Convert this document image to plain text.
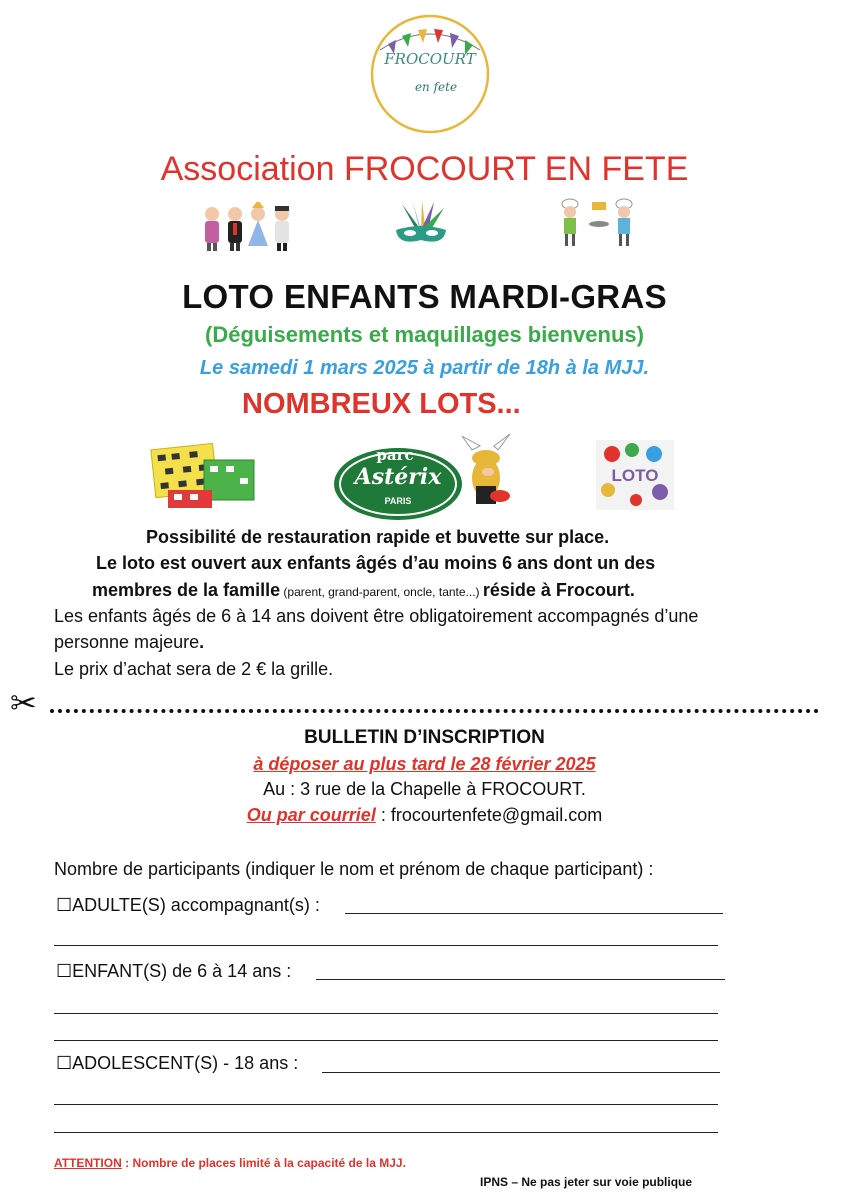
FROCOURT
en fete
Association FROCOURT EN FETE
LOTO ENFANTS MARDI-GRAS
(Déguisements et maquillages bienvenus)
Le samedi 1 mars 2025 à partir de 18h à la MJJ.
NOMBREUX LOTS...
parc
Astérix
PARIS
LOTO
Possibilité de restauration rapide et buvette sur place.
Le loto est ouvert aux enfants âgés d’au moins 6 ans dont un des
membres de la famille (parent, grand-parent, oncle, tante...) réside à Frocourt.
Les enfants âgés de 6 à 14 ans doivent être obligatoirement accompagnés d’une
personne majeure.
Le prix d’achat sera de 2 € la grille.
✂
BULLETIN D’INSCRIPTION
à déposer au plus tard le 28 février 2025
Au : 3 rue de la Chapelle à FROCOURT.
Ou par courriel : frocourtenfete@gmail.com
Nombre de participants (indiquer le nom et prénom de chaque participant) :
☐ADULTE(S) accompagnant(s) :
☐ENFANT(S) de 6 à 14 ans :
☐ADOLESCENT(S) - 18 ans :
ATTENTION : Nombre de places limité à la capacité de la MJJ.
IPNS – Ne pas jeter sur voie publique
